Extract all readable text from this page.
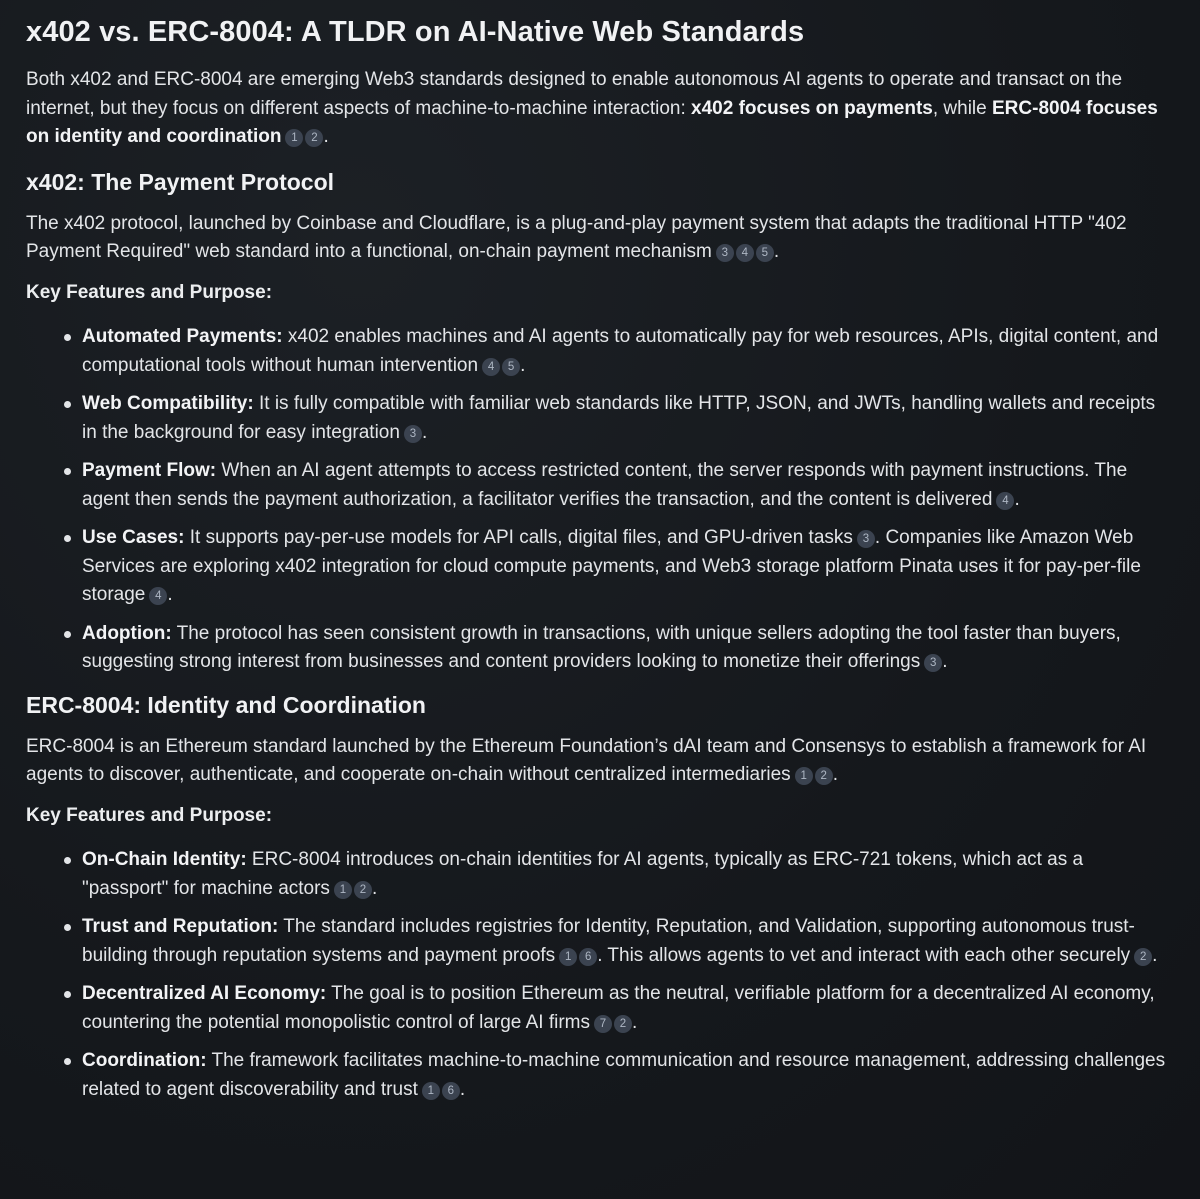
x402 vs. ERC-8004: A TLDR on AI-Native Web Standards

Both x402 and ERC-8004 are emerging Web3 standards designed to enable autonomous AI agents to operate and transact on the internet, but they focus on different aspects of machine-to-machine interaction: x402 focuses on payments, while ERC-8004 focuses on identity and coordination 1 2 .

x402: The Payment Protocol

The x402 protocol, launched by Coinbase and Cloudflare, is a plug-and-play payment system that adapts the traditional HTTP "402 Payment Required" web standard into a functional, on-chain payment mechanism 3 4 5 .

Key Features and Purpose:
Automated Payments: x402 enables machines and AI agents to automatically pay for web resources, APIs, digital content, and computational tools without human intervention 4 5 .
Web Compatibility: It is fully compatible with familiar web standards like HTTP, JSON, and JWTs, handling wallets and receipts in the background for easy integration 3 .
Payment Flow: When an AI agent attempts to access restricted content, the server responds with payment instructions. The agent then sends the payment authorization, a facilitator verifies the transaction, and the content is delivered 4 .
Use Cases: It supports pay-per-use models for API calls, digital files, and GPU-driven tasks 3 . Companies like Amazon Web Services are exploring x402 integration for cloud compute payments, and Web3 storage platform Pinata uses it for pay-per-file storage 4 .
Adoption: The protocol has seen consistent growth in transactions, with unique sellers adopting the tool faster than buyers, suggesting strong interest from businesses and content providers looking to monetize their offerings 3 .
ERC-8004: Identity and Coordination

ERC-8004 is an Ethereum standard launched by the Ethereum Foundation’s dAI team and Consensys to establish a framework for AI agents to discover, authenticate, and cooperate on-chain without centralized intermediaries 1 2 .

Key Features and Purpose:
On-Chain Identity: ERC-8004 introduces on-chain identities for AI agents, typically as ERC-721 tokens, which act as a "passport" for machine actors 1 2 .
Trust and Reputation: The standard includes registries for Identity, Reputation, and Validation, supporting autonomous trust-building through reputation systems and payment proofs 1 6 . This allows agents to vet and interact with each other securely 2 .
Decentralized AI Economy: The goal is to position Ethereum as the neutral, verifiable platform for a decentralized AI economy, countering the potential monopolistic control of large AI firms 7 2 .
Coordination: The framework facilitates machine-to-machine communication and resource management, addressing challenges related to agent discoverability and trust 1 6 .
